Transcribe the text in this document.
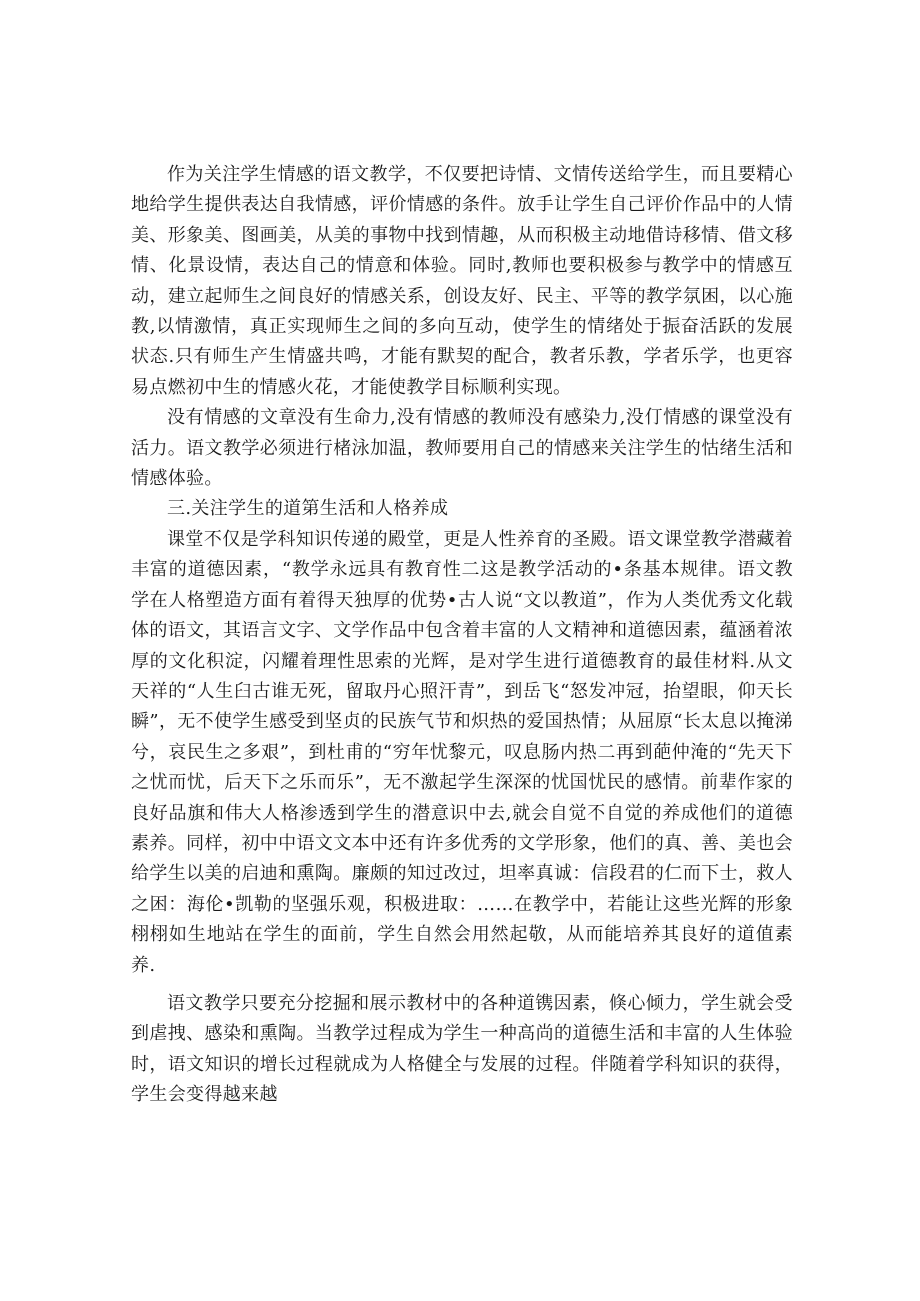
作为关注学生情感的语文教学，不仅要把诗情、文情传送给学生，而且要精心地给学生提供表达自我情感，评价情感的条件。放手让学生自己评价作品中的人情美、形象美、图画美，从美的事物中找到情趣，从而积极主动地借诗移情、借文移情、化景设情，表达自己的情意和体验。同时,教师也要积极参与教学中的情感互动，建立起师生之间良好的情感关系，创设友好、民主、平等的教学氛困，以心施教,以情激情，真正实现师生之间的多向互动，使学生的情绪处于振奋活跃的发展状态.只有师生产生情盛共鸣，才能有默契的配合，教者乐教，学者乐学，也更容易点燃初中生的情感火花，才能使教学目标顺利实现。

没有情感的文章没有生命力,没有情感的教师没有感染力,没仃情感的课堂没有活力。语文教学必须进行楮泳加温，教师要用自己的情感来关注学生的怙绪生活和情感体验。

三.关注学生的道第生活和人格养成

课堂不仅是学科知识传递的殿堂，更是人性养育的圣殿。语文课堂教学潜藏着丰富的道德因素，“教学永远具有教育性二这是教学活动的•条基本规律。语文教学在人格塑造方面有着得天独厚的优势•古人说“文以教道”，作为人类优秀文化载体的语文，其语言文字、文学作品中包含着丰富的人文精神和道德因素，蕴涵着浓厚的文化积淀，闪耀着理性思索的光辉，是对学生进行道德教育的最佳材料.从文天祥的“人生臼古谁无死，留取丹心照汗青”，到岳飞“怒发冲冠，抬望眼，仰天长瞬”，无不使学生感受到坚贞的民族气节和炽热的爱国热情；从屈原“长太息以掩涕兮，哀民生之多艰”，到杜甫的“穷年忧黎元，叹息肠内热二再到葩仲淹的“先天下之忧而忧，后天下之乐而乐”，无不激起学生深深的忧国忧民的感情。前辈作家的良好品旗和伟大人格渗透到学生的潜意识中去,就会自觉不自觉的养成他们的道德素养。同样，初中中语文文本中还有许多优秀的文学形象，他们的真、善、美也会给学生以美的启迪和熏陶。廉颇的知过改过，坦率真诚：信段君的仁而下士，救人之困：海伦•凯勒的坚强乐观，积极进取：……在教学中，若能让这些光辉的形象栩栩如生地站在学生的面前，学生自然会用然起敬，从而能培养其良好的道值素养.

语文教学只要充分挖掘和展示教材中的各种道镌因素，倏心倾力，学生就会受到虐拽、感染和熏陶。当教学过程成为学生一种高尚的道德生活和丰富的人生体验时，语文知识的增长过程就成为人格健全与发展的过程。伴随着学科知识的获得，学生会变得越来越
